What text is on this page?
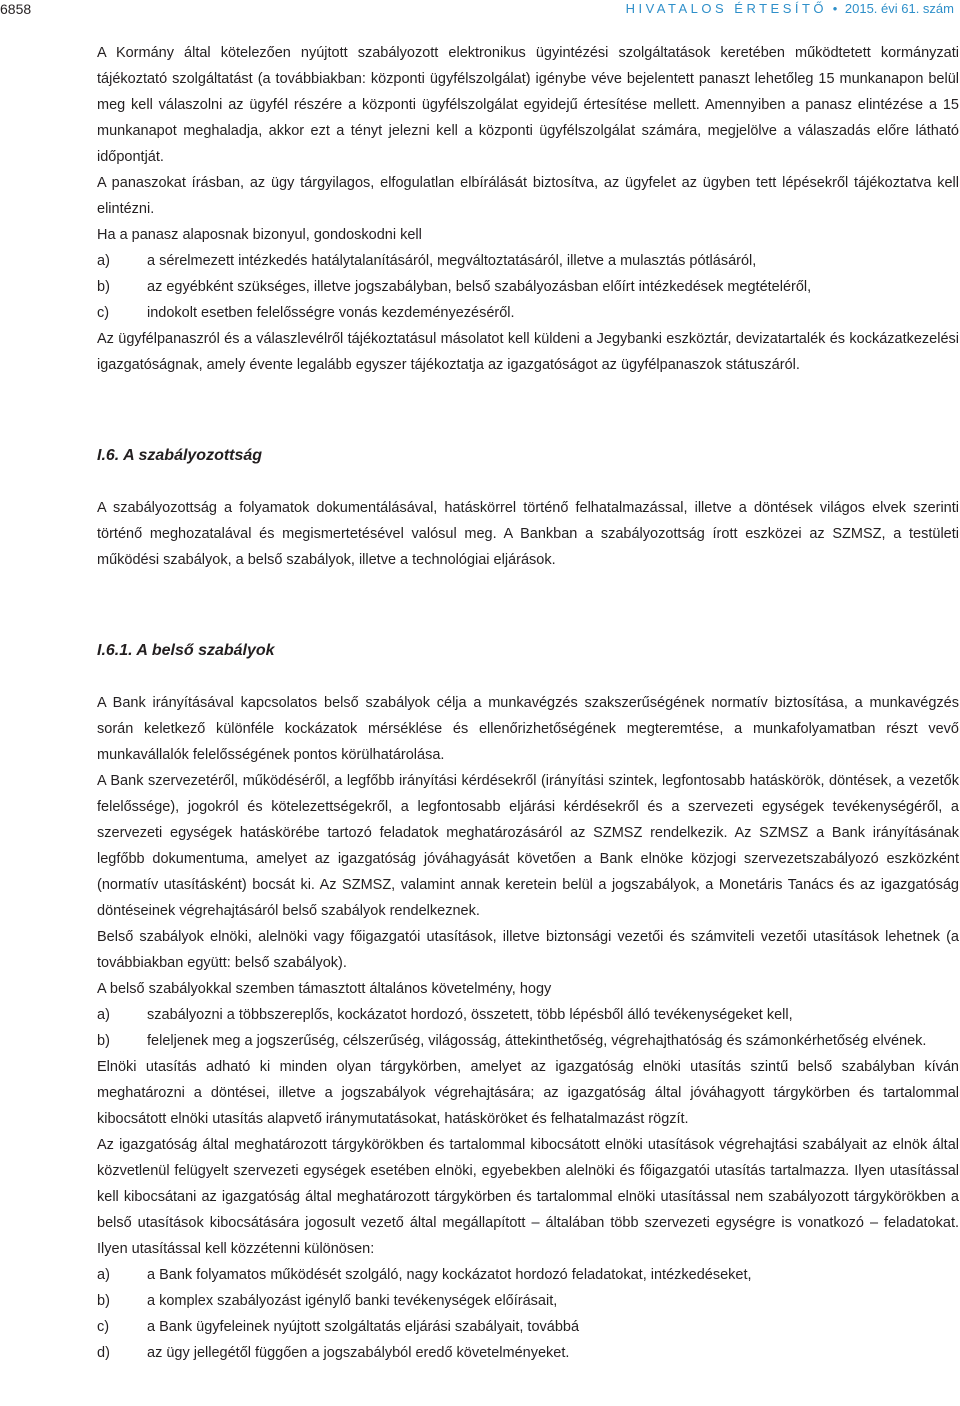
6858	HIVATALOS ÉRTESÍTŐ • 2015. évi 61. szám

A Kormány által kötelezően nyújtott szabályozott elektronikus ügyintézési szolgáltatások keretében működtetett kormányzati tájékoztató szolgáltatást (a továbbiakban: központi ügyfélszolgálat) igénybe véve bejelentett panaszt lehetőleg 15 munkanapon belül meg kell válaszolni az ügyfél részére a központi ügyfélszolgálat egyidejű értesítése mellett. Amennyiben a panasz elintézése a 15 munkanapot meghaladja, akkor ezt a tényt jelezni kell a központi ügyfélszolgálat számára, megjelölve a válaszadás előre látható időpontját.

A panaszokat írásban, az ügy tárgyilagos, elfogulatlan elbírálását biztosítva, az ügyfelet az ügyben tett lépésekről tájékoztatva kell elintézni.

Ha a panasz alaposnak bizonyul, gondoskodni kell

a)	a sérelmezett intézkedés hatálytalanításáról, megváltoztatásáról, illetve a mulasztás pótlásáról,
b)	az egyébként szükséges, illetve jogszabályban, belső szabályozásban előírt intézkedések megtételéről,
c)	indokolt esetben felelősségre vonás kezdeményezéséről.

Az ügyfélpanaszról és a válaszlevélről tájékoztatásul másolatot kell küldeni a Jegybanki eszköztár, devizatartalék és kockázatkezelési igazgatóságnak, amely évente legalább egyszer tájékoztatja az igazgatóságot az ügyfélpanaszok státuszáról.

I.6. A szabályozottság

A szabályozottság a folyamatok dokumentálásával, hatáskörrel történő felhatalmazással, illetve a döntések világos elvek szerinti történő meghozatalával és megismertetésével valósul meg. A Bankban a szabályozottság írott eszközei az SZMSZ, a testületi működési szabályok, a belső szabályok, illetve a technológiai eljárások.

I.6.1. A belső szabályok

A Bank irányításával kapcsolatos belső szabályok célja a munkavégzés szakszerűségének normatív biztosítása, a munkavégzés során keletkező különféle kockázatok mérséklése és ellenőrizhetőségének megteremtése, a munkafolyamatban részt vevő munkavállalók felelősségének pontos körülhatárolása.

A Bank szervezetéről, működéséről, a legfőbb irányítási kérdésekről (irányítási szintek, legfontosabb hatáskörök, döntések, a vezetők felelőssége), jogokról és kötelezettségekről, a legfontosabb eljárási kérdésekről és a szervezeti egységek tevékenységéről, a szervezeti egységek hatáskörébe tartozó feladatok meghatározásáról az SZMSZ rendelkezik. Az SZMSZ a Bank irányításának legfőbb dokumentuma, amelyet az igazgatóság jóváhagyását követően a Bank elnöke közjogi szervezetszabályozó eszközként (normatív utasításként) bocsát ki. Az SZMSZ, valamint annak keretein belül a jogszabályok, a Monetáris Tanács és az igazgatóság döntéseinek végrehajtásáról belső szabályok rendelkeznek.

Belső szabályok elnöki, alelnöki vagy főigazgatói utasítások, illetve biztonsági vezetői és számviteli vezetői utasítások lehetnek (a továbbiakban együtt: belső szabályok).

A belső szabályokkal szemben támasztott általános követelmény, hogy

a)	szabályozni a többszereplős, kockázatot hordozó, összetett, több lépésből álló tevékenységeket kell,
b)	feleljenek meg a jogszerűség, célszerűség, világosság, áttekinthetőség, végrehajthatóság és számonkérhetőség elvének.

Elnöki utasítás adható ki minden olyan tárgykörben, amelyet az igazgatóság elnöki utasítás szintű belső szabályban kíván meghatározni a döntései, illetve a jogszabályok végrehajtására; az igazgatóság által jóváhagyott tárgykörben és tartalommal kibocsátott elnöki utasítás alapvető iránymutatásokat, hatásköröket és felhatalmazást rögzít.

Az igazgatóság által meghatározott tárgykörökben és tartalommal kibocsátott elnöki utasítások végrehajtási szabályait az elnök által közvetlenül felügyelt szervezeti egységek esetében elnöki, egyebekben alelnöki és főigazgatói utasítás tartalmazza. Ilyen utasítással kell kibocsátani az igazgatóság által meghatározott tárgykörben és tartalommal elnöki utasítással nem szabályozott tárgykörökben a belső utasítások kibocsátására jogosult vezető által megállapított – általában több szervezeti egységre is vonatkozó – feladatokat. Ilyen utasítással kell közzétenni különösen:

a)	a Bank folyamatos működését szolgáló, nagy kockázatot hordozó feladatokat, intézkedéseket,
b)	a komplex szabályozást igénylő banki tevékenységek előírásait,
c)	a Bank ügyfeleinek nyújtott szolgáltatás eljárási szabályait, továbbá
d)	az ügy jellegétől függően a jogszabályból eredő követelményeket.
